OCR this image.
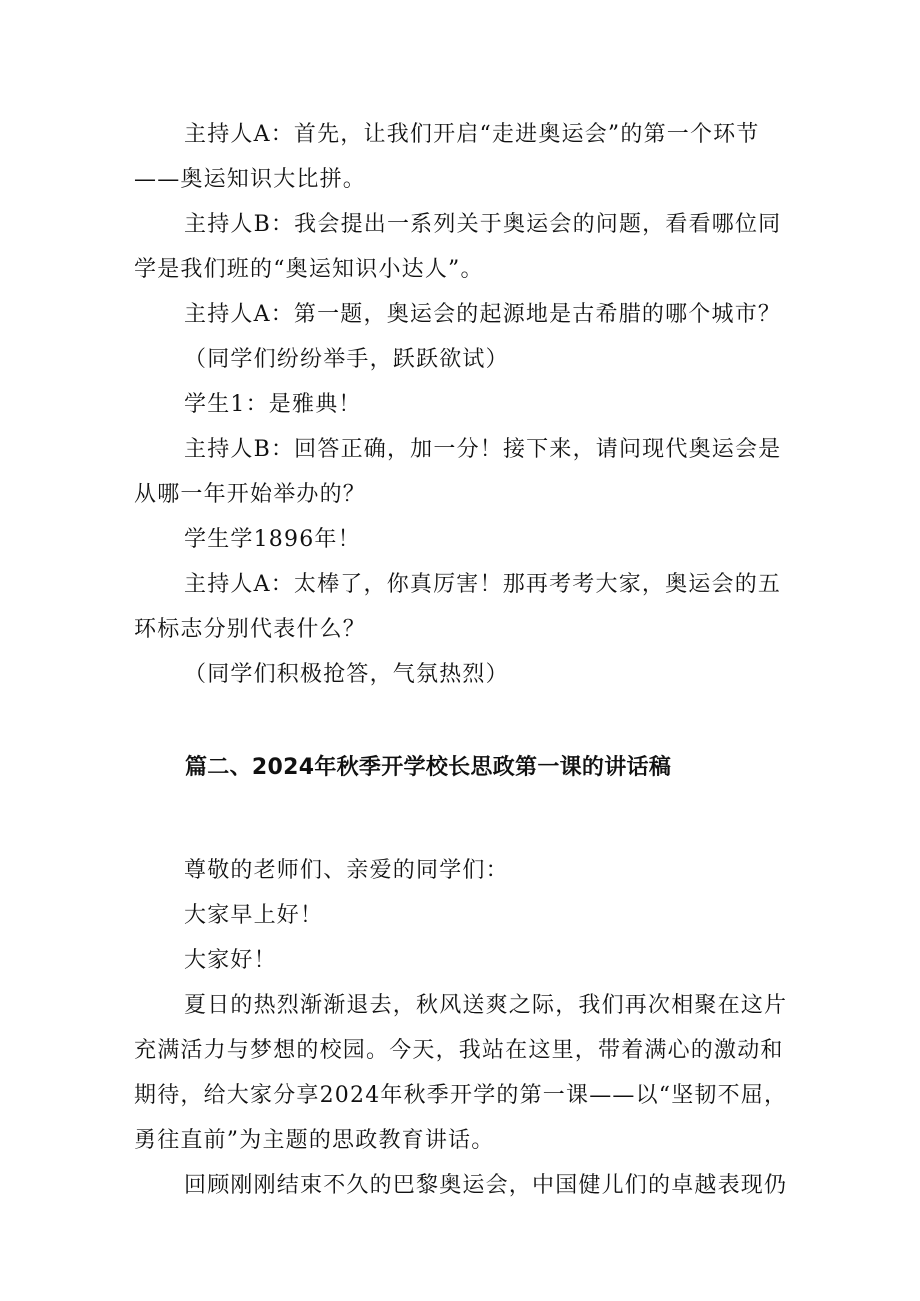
主持人A：首先，让我们开启“走进奥运会”的第一个环节——奥运知识大比拼。

主持人B：我会提出一系列关于奥运会的问题，看看哪位同学是我们班的“奥运知识小达人”。

主持人A：第一题，奥运会的起源地是古希腊的哪个城市？

（同学们纷纷举手，跃跃欲试）

学生1：是雅典！

主持人B：回答正确，加一分！接下来，请问现代奥运会是从哪一年开始举办的？

学生学1896年！

主持人A：太棒了，你真厉害！那再考考大家，奥运会的五环标志分别代表什么？

（同学们积极抢答，气氛热烈）

篇二、2024年秋季开学校长思政第一课的讲话稿

尊敬的老师们、亲爱的同学们：

大家早上好！

大家好！

夏日的热烈渐渐退去，秋风送爽之际，我们再次相聚在这片充满活力与梦想的校园。今天，我站在这里，带着满心的激动和期待，给大家分享2024年秋季开学的第一课——以“坚韧不屈，勇往直前”为主题的思政教育讲话。

回顾刚刚结束不久的巴黎奥运会，中国健儿们的卓越表现仍
